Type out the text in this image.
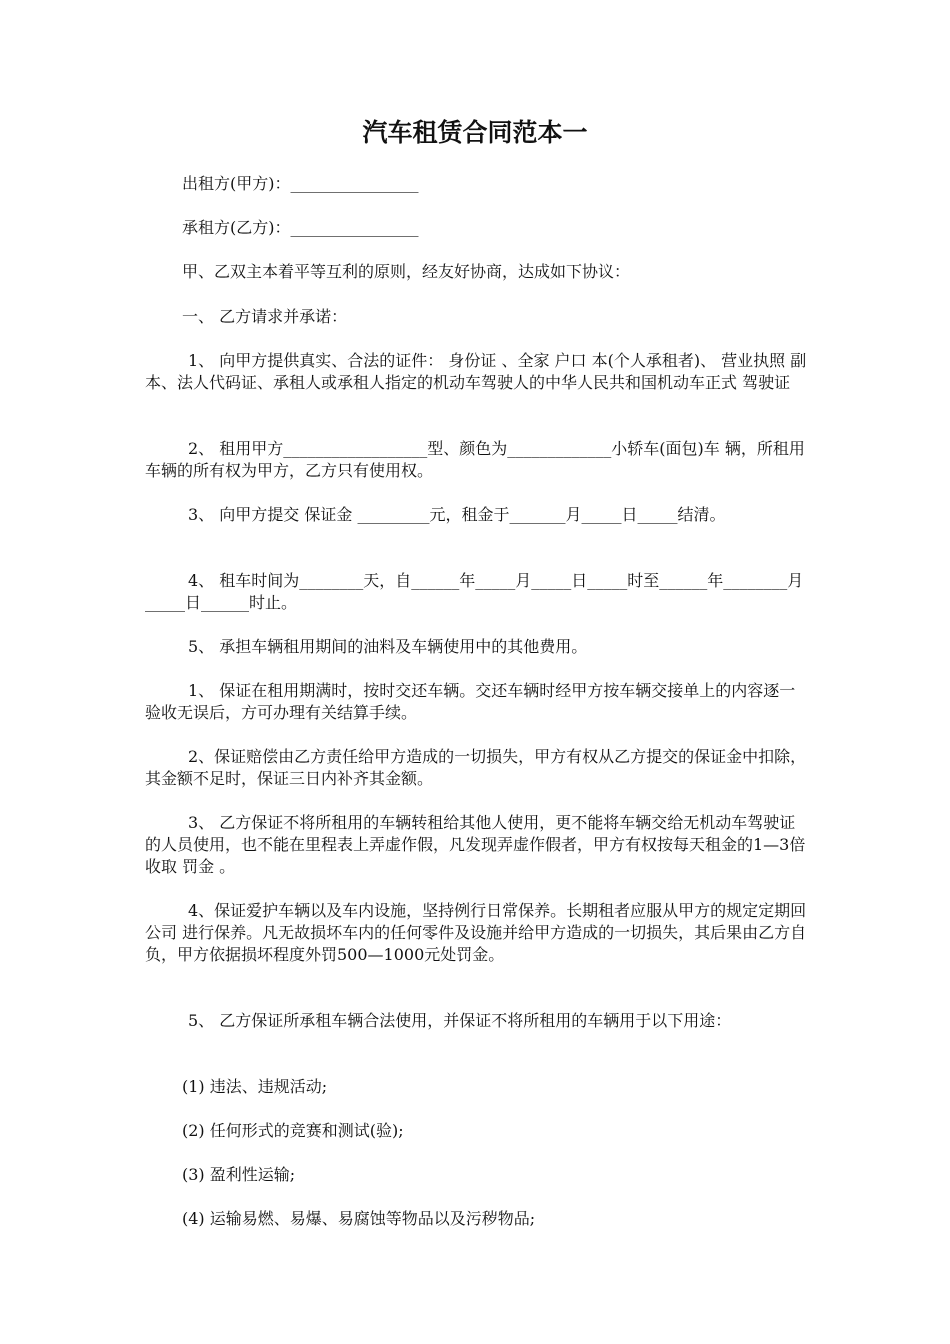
汽车租赁合同范本一

出租方(甲方)：________________

承租方(乙方)：________________

甲、乙双主本着平等互利的原则，经友好协商，达成如下协议：

一、 乙方请求并承诺：

1、 向甲方提供真实、合法的证件： 身份证 、全家 户口 本(个人承租者)、 营业执照 副本、法人代码证、承租人或承租人指定的机动车驾驶人的中华人民共和国机动车正式 驾驶证

2、 租用甲方__________________型、颜色为_____________小轿车(面包)车 辆，所租用车辆的所有权为甲方，乙方只有使用权。

3、 向甲方提交 保证金 _________元，租金于_______月_____日_____结清。

4、 租车时间为________天，自______年_____月_____日_____时至______年________月_____日______时止。

5、 承担车辆租用期间的油料及车辆使用中的其他费用。

1、 保证在租用期满时，按时交还车辆。交还车辆时经甲方按车辆交接单上的内容逐一验收无误后，方可办理有关结算手续。

2、保证赔偿由乙方责任给甲方造成的一切损失，甲方有权从乙方提交的保证金中扣除，其金额不足时，保证三日内补齐其金额。

3、 乙方保证不将所租用的车辆转租给其他人使用，更不能将车辆交给无机动车驾驶证的人员使用，也不能在里程表上弄虚作假，凡发现弄虚作假者，甲方有权按每天租金的1—3倍收取 罚金 。

4、保证爱护车辆以及车内设施，坚持例行日常保养。长期租者应服从甲方的规定定期回 公司 进行保养。凡无故损坏车内的任何零件及设施并给甲方造成的一切损失，其后果由乙方自负，甲方依据损坏程度外罚500—1000元处罚金。

5、 乙方保证所承租车辆合法使用，并保证不将所租用的车辆用于以下用途：

(1) 违法、违规活动;

(2) 任何形式的竞赛和测试(验);

(3) 盈利性运输;

(4) 运输易燃、易爆、易腐蚀等物品以及污秽物品;
